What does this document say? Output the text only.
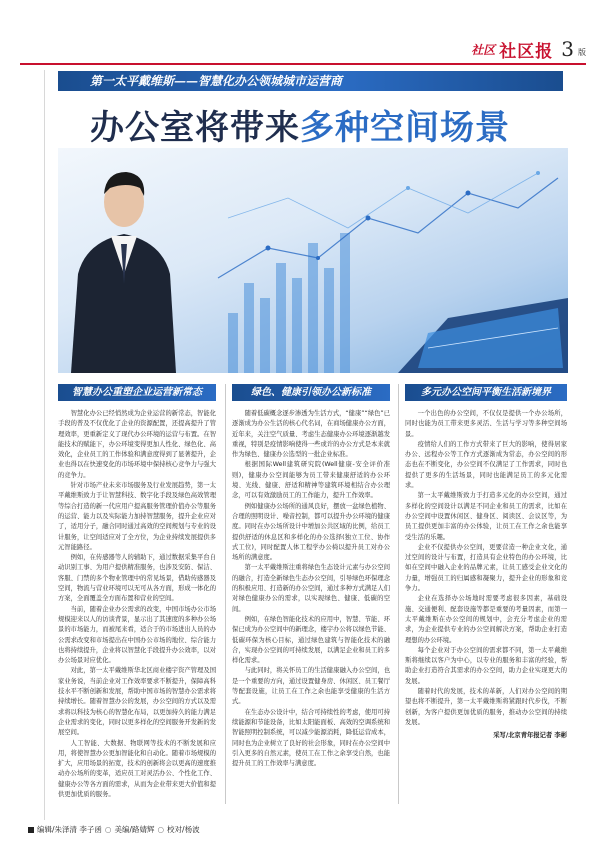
社区 社区报 3 版
第一太平戴维斯——智慧化办公领城城市运营商
办公室将带来多种空间场景
智慧办公重塑企业运营新常态

智慧化办公已经悄然成为企业运营的新常态，智能化手段的普及不仅优化了企业的资源配置，还提高提升了管理效率，更重新定义了现代办公环境的运营与布置。在智能技术的赋能下，办公环境变得更加人性化、绿色化、高效化，企业员工的工作体验和满意度得到了显著提升，企业也得以在快速变化的市场环境中保持核心竞争力与强大的竞争力。

针对市场产业未来市场服务及行业发展趋势，第一太平戴维斯致力于让智慧科技、数字化手段及绿色高效管理等综合打造的新一代应用户提高服务管理价值办公等服务的运营、能力以及实际能力加持智慧服务，提升企业应对了，适用分子，融合同时通过高效的空间规划与专业的设计服务，让空间适应对了全方位，为企业持续发展提供多元智能路径。

例如，在传感器等人的辅助下，通过数据采集平台自动识别工事、为用户提供精准服务，也涉及安防、保洁、客服、门禁的多个物业管理中的常见场景，借助传感器及空间，物流与营业环境可以无可从各方面，形成一体化的方案，全面覆盖全方面布置和营业的空间。

当前，随着企业办公需求的改变，中国市场办公市场规模迎来以人的访谈背景，显示出了其速度的多种办公场景的市场能力，而被尾来看，适合于的市场进出人员的办公需求改变和市场提出在中国办公市场的地位、综合能力也将持续提升，企业将以智慧化手段提升办公效率，以对办公场景对应优化。

对此，第一太平戴维斯华北区商业楼宇资产管理及国家业务说，当前企业对工作效率要求不断提升，保障高科技水平不断创新和发展，帮助中国市场的智慧办公需求将持续增长。随着智慧办公的发展，办公空间的方式以及需求将以科技为核心的智慧化布局，以更加持久的能力满足企业需求的变化，同时以更多样化的空间服务开发新的发展空间。

人工智能、大数据、物联网等技术的不断发展和应用，将使智慧办公更加智能化和自动化。随着市场规模的扩大，应用场景的拓宽，技术的创新将会以更高的速度推动办公场所的变革，适应员工对灵活办公、个性化工作、健康办公等各方面的需求，从而为企业带来更大价值和提供更加优质的服务。

绿色、健康引领办公新标准

随着低碳概念逐步渗透为生活方式，“健康”“绿色”已逐渐成为办公生活的核心代名词，在商场健康办公方面，近年来，关注空气质量、考虑生态健康办公环境逐渐越发重视，特别是疫情影响使得一些或许的办公方式是本来就作为绿色、健康办公选型的一批企业标准。

根据国际Well建筑研究院(Well健康-安全评价准则)，健康办公空间能够为员工带来健康舒适的办公环境、光线、健康、舒适和精神等建筑环境相结合办公理念，可以有效激励员工的工作能力，提升工作效率。

例如健康办公场所的通风良好，摆放一盆绿色植物、合理的照明设计、噪音控制，都可以提升办公环境的健康度。同时在办公场所设计中增加公共区域的比例，给员工提供舒适的休息区和多样化的办公选择(独立工位、协作式工位)，同时配置人体工程学办公椅以提升员工对办公场所的满意度。

第一太平戴维斯注重将绿色生态设计元素与办公空间的融合，打造全新绿色生态办公空间，引导绿色环保理念的积极应用、打造新的办公空间，通过多种方式满足人们对绿色健康办公的需求，以实现绿色、健康、低碳的空间。

例如，在绿色智能化技术的应用中，智慧、节能、环保已成为办公空间中的新理念，楼宇办公将以绿色节能、低碳环保为核心目标，通过绿色建筑与智能化技术的融合，实现办公空间的可持续发展，以满足企业和员工的多样化需求。

与此同时，将关怀员工的生活健康融入办公空间，也是一个重要的方向，通过设置健身房、休闲区、员工餐厅等配套设施，让员工在工作之余也能享受健康的生活方式。

在生态办公设计中，结合可持续性的考虑，使用可持续能源和节能设备，比如太阳能面板、高效的空调系统和智能照明控制系统，可以减少能源消耗，降低运营成本，同时也为企业树立了良好的社会形象，同时在办公空间中引入更多的自然元素，使员工在工作之余享受自然，也能提升员工的工作效率与满意度。

多元办公空间平衡生活新境界

一个出色的办公空间，不仅仅是提供一个办公场所，同时也能为员工带来更多灵活、生活与学习等多种空间场景。

疫情给人们的工作方式带来了巨大的影响，使得居家办公、远程办公等工作方式逐渐成为常态，办公空间的形态也在不断变化，办公空间不仅满足了工作需求，同时也提供了更多的生活场景，同时也能满足员工的多元化需求。

第一太平戴维斯致力于打造多元化的办公空间，通过多样化的空间设计以满足不同企业和员工的需求，比如在办公空间中设置休闲区、健身区、阅读区、会议区等，为员工提供更加丰富的办公体验，让员工在工作之余也能享受生活的乐趣。

企业不仅提供办公空间，更要营造一种企业文化，通过空间的设计与布置，打造具有企业特色的办公环境，比如在空间中融入企业的品牌元素，让员工感受企业文化的力量，增强员工的归属感和凝聚力，提升企业的形象和竞争力。

企业在选择办公场地时需要考虑很多因素，基础设施、交通便利、配套设施等都是重要的考量因素，而第一太平戴维斯在办公空间的规划中，会充分考虑企业的需求，为企业提供专业的办公空间解决方案，帮助企业打造理想的办公环境。

每个企业对于办公空间的需求都不同，第一太平戴维斯将继续以客户为中心，以专业的服务和丰富的经验，帮助企业打造符合其需求的办公空间，助力企业实现更大的发展。

随着时代的发展，技术的革新，人们对办公空间的期望也将不断提升，第一太平戴维斯将紧跟时代步伐，不断创新，为客户提供更加优质的服务，推动办公空间的持续发展。

采写/北京青年报记者 李彬
编辑/朱泽清 李子函 ○ 美编/路婧辉 ○ 校对/杨波
